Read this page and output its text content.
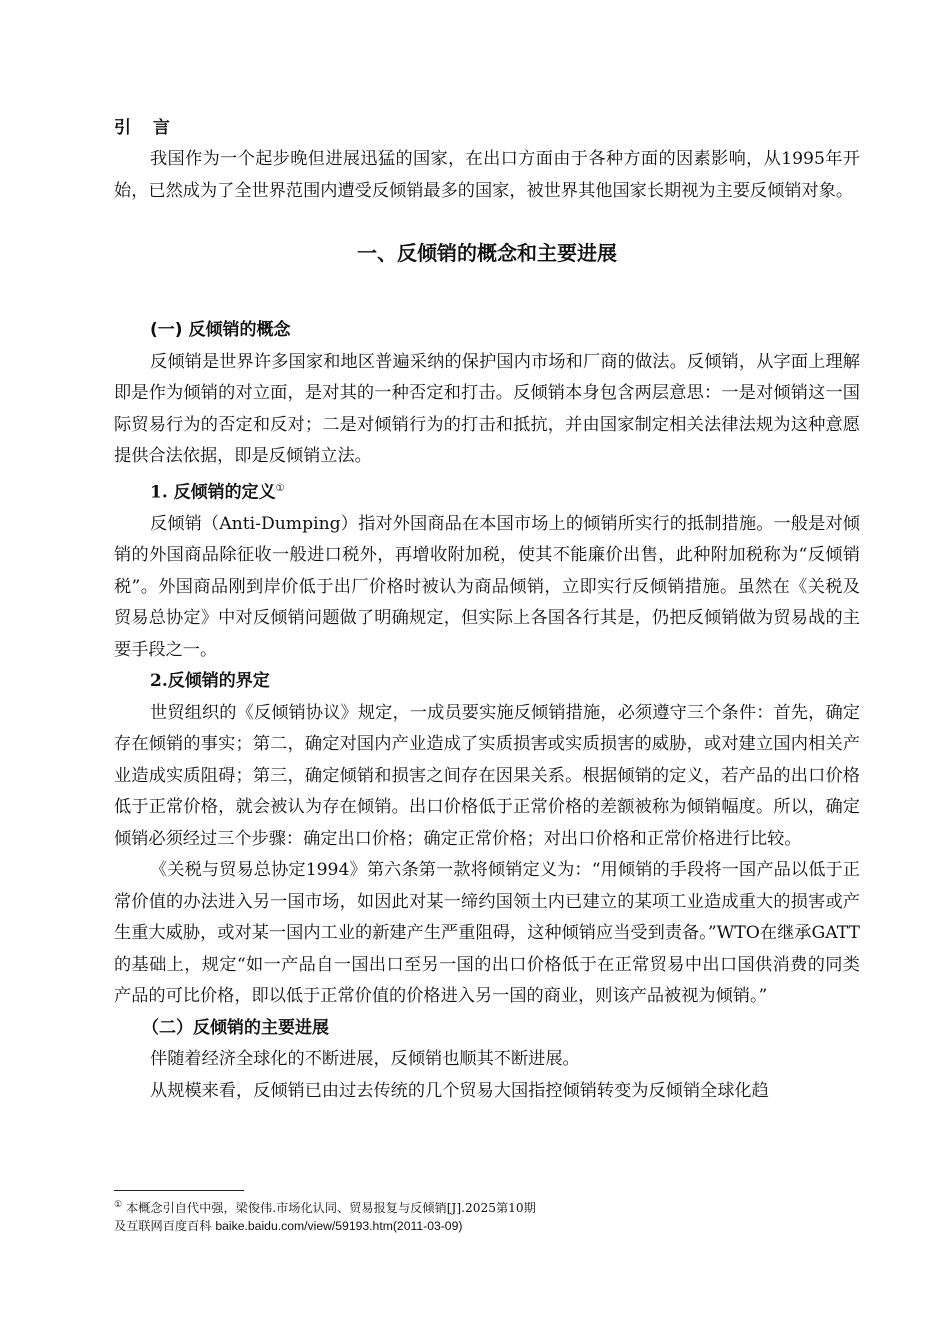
引 言

我国作为一个起步晚但进展迅猛的国家，在出口方面由于各种方面的因素影响，从1995年开始，已然成为了全世界范围内遭受反倾销最多的国家，被世界其他国家长期视为主要反倾销对象。

一、反倾销的概念和主要进展
(一) 反倾销的概念

反倾销是世界许多国家和地区普遍采纳的保护国内市场和厂商的做法。反倾销，从字面上理解即是作为倾销的对立面，是对其的一种否定和打击。反倾销本身包含两层意思：一是对倾销这一国际贸易行为的否定和反对；二是对倾销行为的打击和抵抗，并由国家制定相关法律法规为这种意愿提供合法依据，即是反倾销立法。

1. 反倾销的定义①

反倾销（Anti-Dumping）指对外国商品在本国市场上的倾销所实行的抵制措施。一般是对倾销的外国商品除征收一般进口税外，再增收附加税，使其不能廉价出售，此种附加税称为“反倾销税”。外国商品刚到岸价低于出厂价格时被认为商品倾销，立即实行反倾销措施。虽然在《关税及贸易总协定》中对反倾销问题做了明确规定，但实际上各国各行其是，仍把反倾销做为贸易战的主要手段之一。

2.反倾销的界定

世贸组织的《反倾销协议》规定，一成员要实施反倾销措施，必须遵守三个条件：首先，确定存在倾销的事实；第二，确定对国内产业造成了实质损害或实质损害的威胁，或对建立国内相关产业造成实质阻碍；第三，确定倾销和损害之间存在因果关系。根据倾销的定义，若产品的出口价格低于正常价格，就会被认为存在倾销。出口价格低于正常价格的差额被称为倾销幅度。所以，确定倾销必须经过三个步骤：确定出口价格；确定正常价格；对出口价格和正常价格进行比较。

《关税与贸易总协定1994》第六条第一款将倾销定义为：“用倾销的手段将一国产品以低于正常价值的办法进入另一国市场，如因此对某一缔约国领土内已建立的某项工业造成重大的损害或产生重大威胁，或对某一国内工业的新建产生严重阻碍，这种倾销应当受到责备。”WTO在继承GATT的基础上，规定“如一产品自一国出口至另一国的出口价格低于在正常贸易中出口国供消费的同类产品的可比价格，即以低于正常价值的价格进入另一国的商业，则该产品被视为倾销。”

（二）反倾销的主要进展

伴随着经济全球化的不断进展，反倾销也顺其不断进展。

从规模来看，反倾销已由过去传统的几个贸易大国指控倾销转变为反倾销全球化趋

① 本概念引自代中强，梁俊伟.市场化认同、贸易报复与反倾销[J].2025第10期
及互联网百度百科 baike.baidu.com/view/59193.htm(2011-03-09)
